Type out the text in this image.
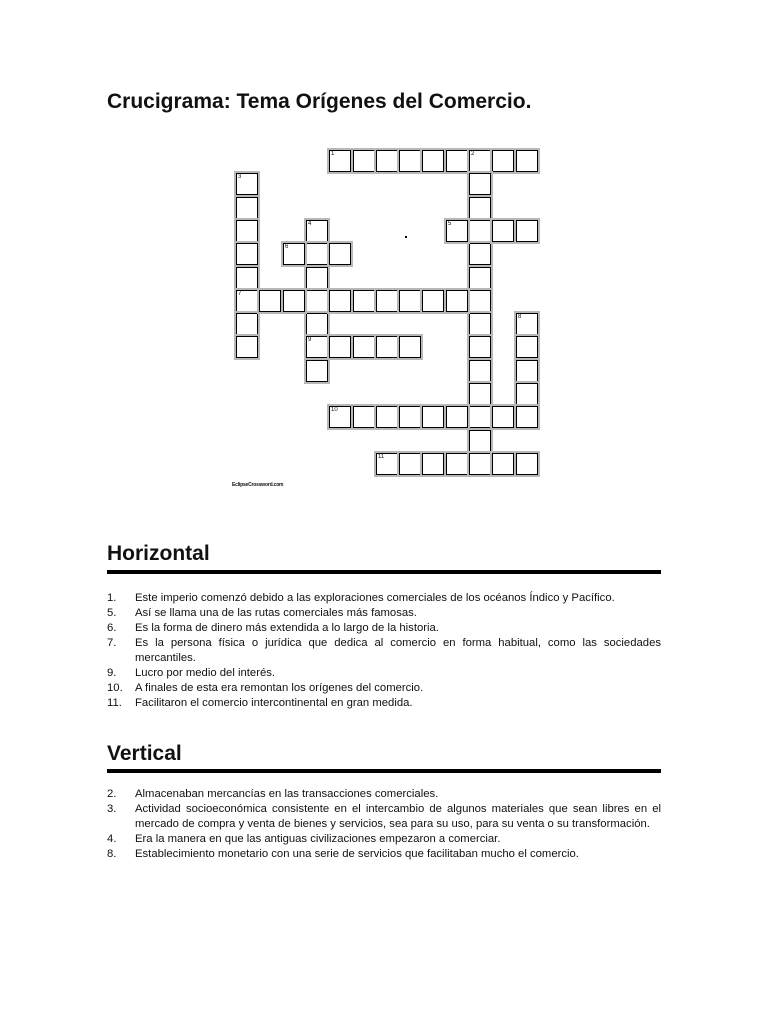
Crucigrama: Tema Orígenes del Comercio.
1	2
3
7
4
9
5
6
8
10
11
EclipseCrossword.com
Horizontal
1.	Este imperio comenzó debido a las exploraciones comerciales de los océanos Índico y Pacífico.
5.	Así se llama una de las rutas comerciales más famosas.
6.	Es la forma de dinero más extendida a lo largo de la historia.
7.	Es la persona física o jurídica que dedica al comercio en forma habitual, como las sociedades mercantiles.
9.	Lucro por medio del interés.
10.	A finales de esta era remontan los orígenes del comercio.
11.	Facilitaron el comercio intercontinental en gran medida.
Vertical
2.	Almacenaban mercancías en las transacciones comerciales.
3.	Actividad socioeconómica consistente en el intercambio de algunos materiales que sean libres en el mercado de compra y venta de bienes y servicios, sea para su uso, para su venta o su transformación.
4.	Era la manera en que las antiguas civilizaciones empezaron a comerciar.
8.	Establecimiento monetario con una serie de servicios que facilitaban mucho el comercio.
